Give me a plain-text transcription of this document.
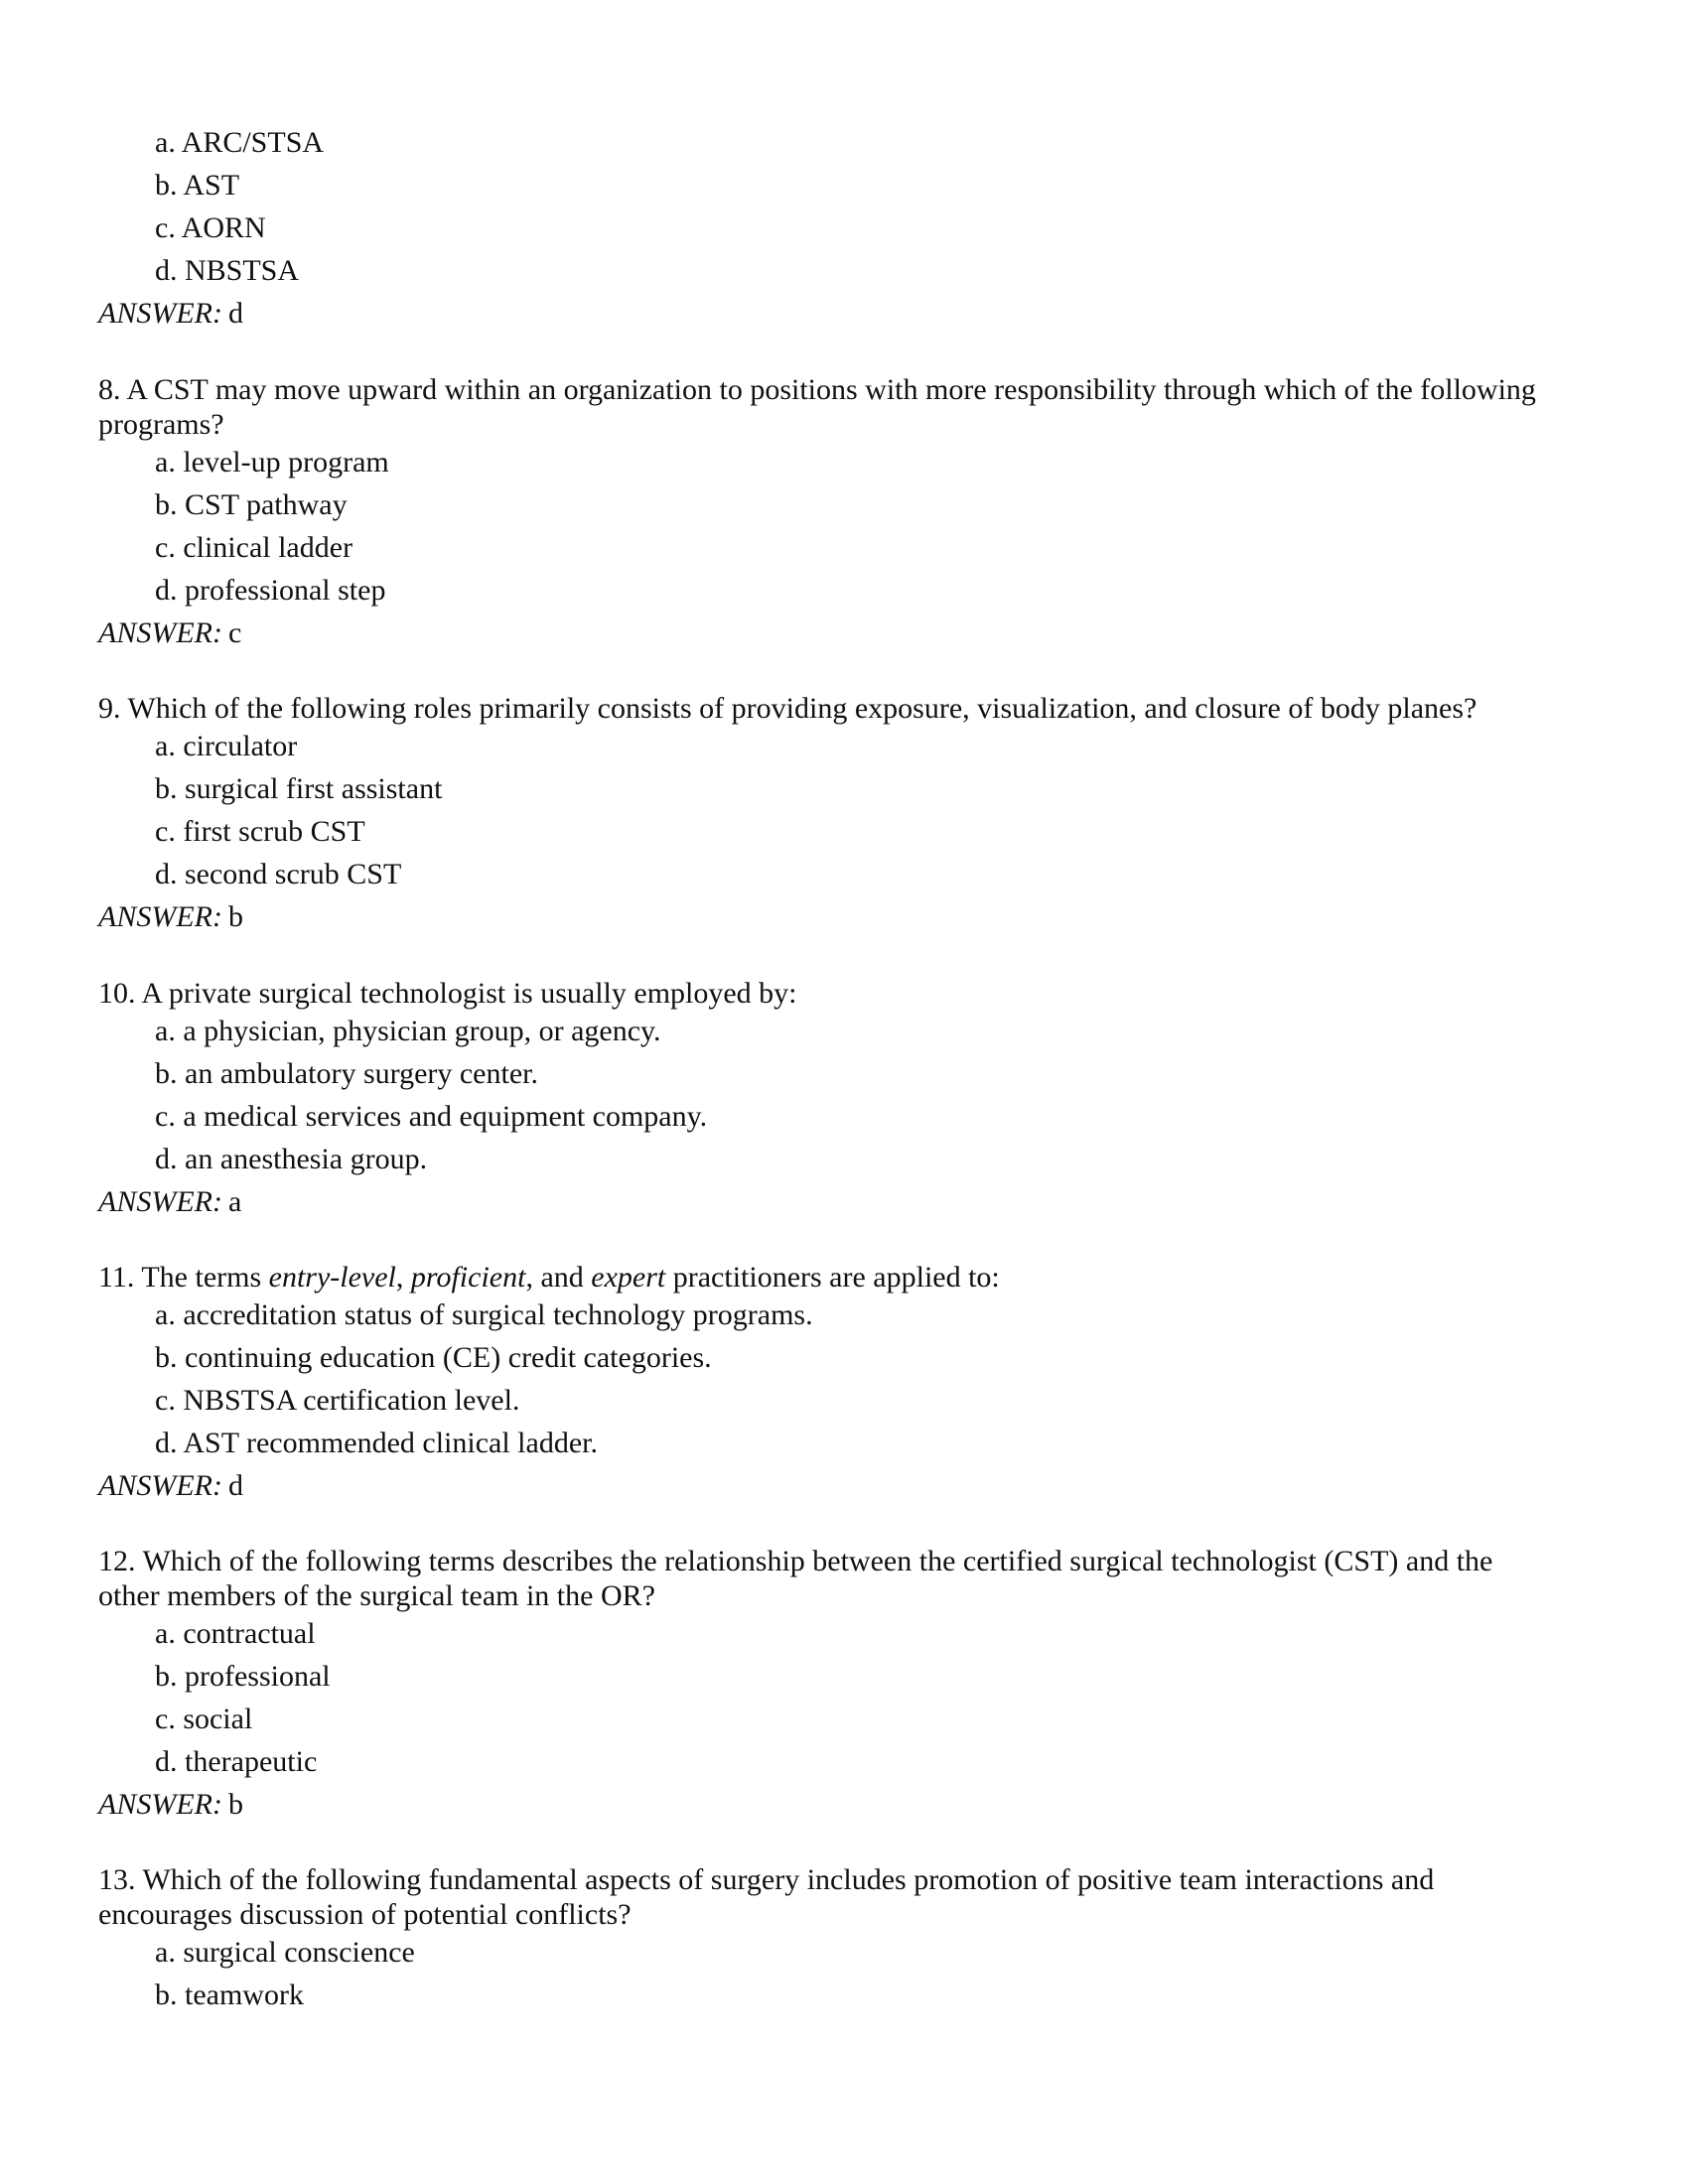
a. ARC/STSA
b. AST
c. AORN
d. NBSTSA
ANSWER: d
8. A CST may move upward within an organization to positions with more responsibility through which of the following
programs?
a. level-up program
b. CST pathway
c. clinical ladder
d. professional step
ANSWER: c
9. Which of the following roles primarily consists of providing exposure, visualization, and closure of body planes?
a. circulator
b. surgical first assistant
c. first scrub CST
d. second scrub CST
ANSWER: b
10. A private surgical technologist is usually employed by:
a. a physician, physician group, or agency.
b. an ambulatory surgery center.
c. a medical services and equipment company.
d. an anesthesia group.
ANSWER: a
11. The terms entry-level, proficient, and expert practitioners are applied to:
a. accreditation status of surgical technology programs.
b. continuing education (CE) credit categories.
c. NBSTSA certification level.
d. AST recommended clinical ladder.
ANSWER: d
12. Which of the following terms describes the relationship between the certified surgical technologist (CST) and the
other members of the surgical team in the OR?
a. contractual
b. professional
c. social
d. therapeutic
ANSWER: b
13. Which of the following fundamental aspects of surgery includes promotion of positive team interactions and
encourages discussion of potential conflicts?
a. surgical conscience
b. teamwork
